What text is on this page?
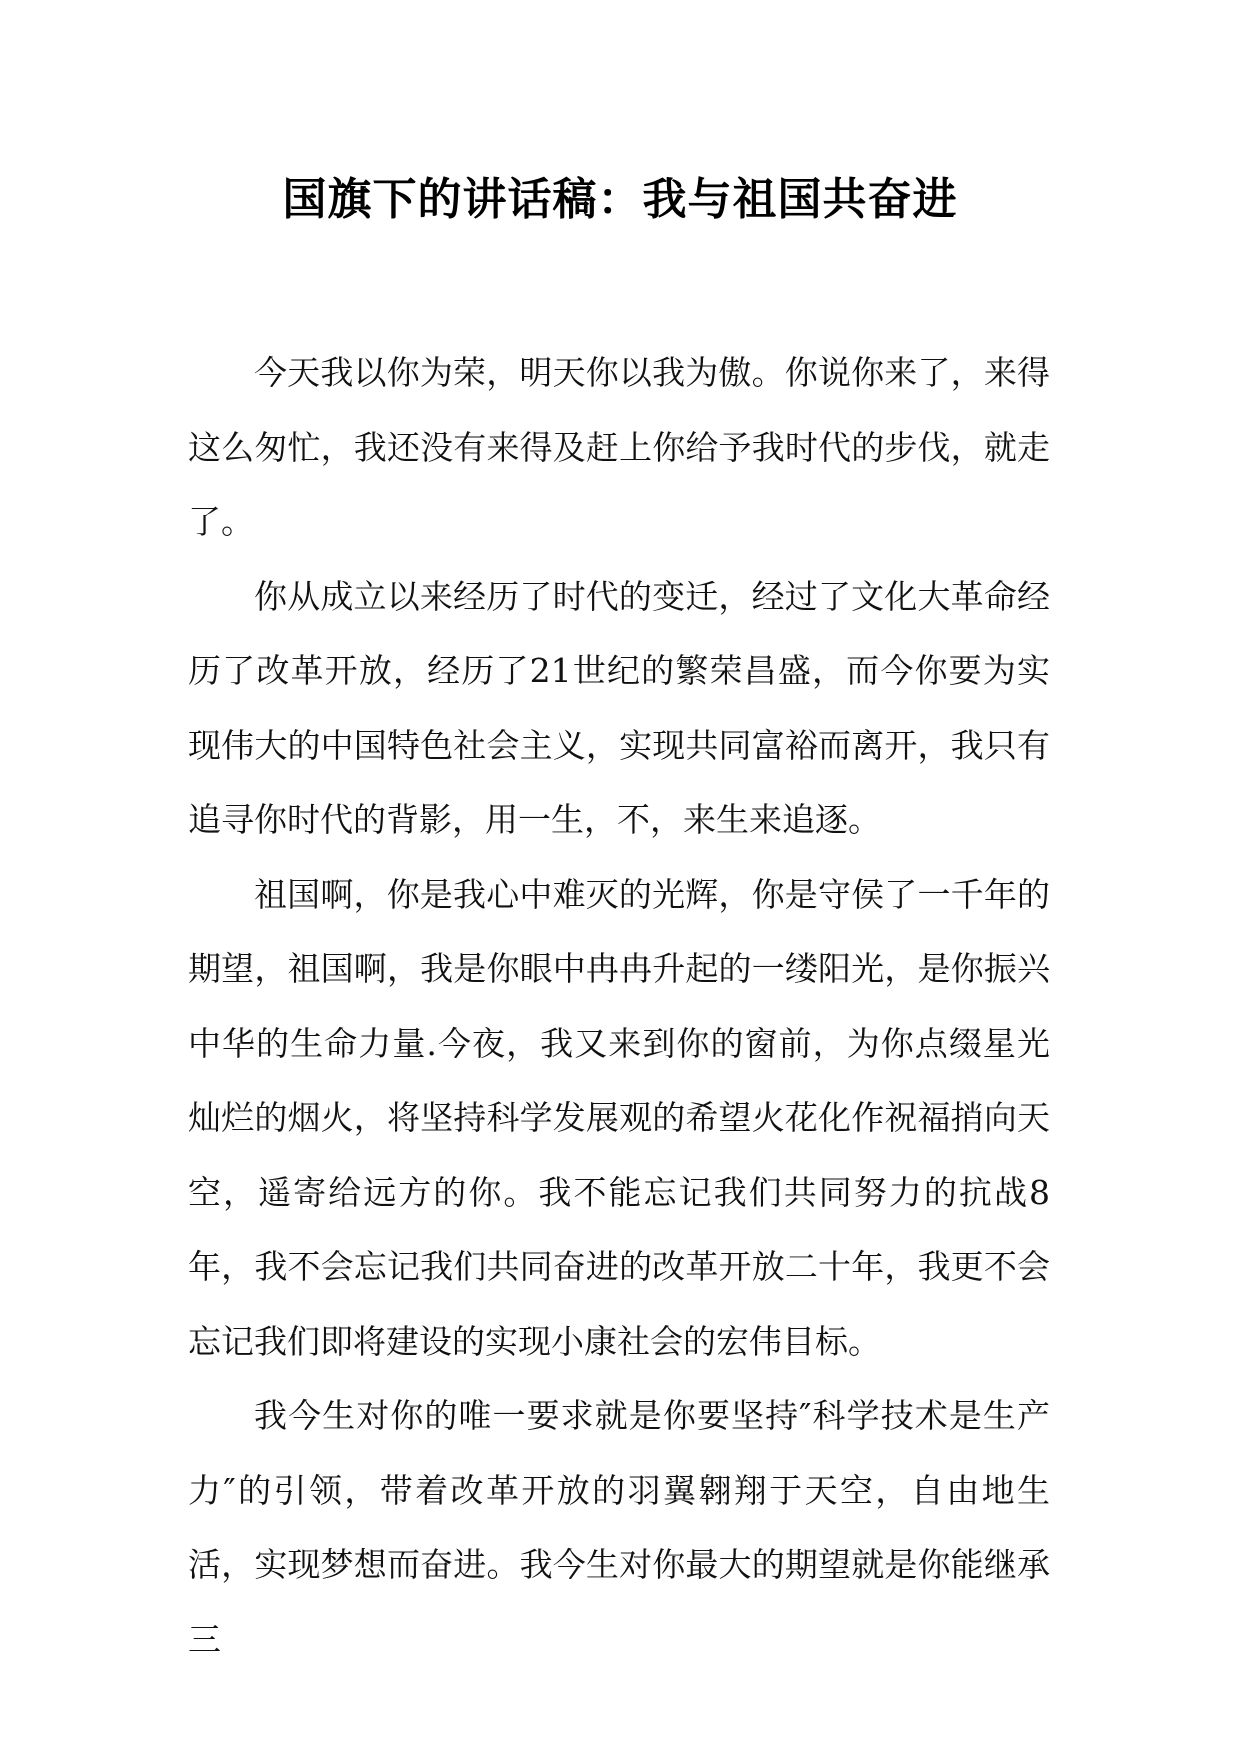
国旗下的讲话稿：我与祖国共奋进

今天我以你为荣，明天你以我为傲。你说你来了，来得这么匆忙，我还没有来得及赶上你给予我时代的步伐，就走了。

你从成立以来经历了时代的变迁，经过了文化大革命经历了改革开放，经历了21世纪的繁荣昌盛，而今你要为实现伟大的中国特色社会主义，实现共同富裕而离开，我只有追寻你时代的背影，用一生，不，来生来追逐。

祖国啊，你是我心中难灭的光辉，你是守侯了一千年的期望，祖国啊，我是你眼中冉冉升起的一缕阳光，是你振兴中华的生命力量.今夜，我又来到你的窗前，为你点缀星光灿烂的烟火，将坚持科学发展观的希望火花化作祝福捎向天空，遥寄给远方的你。我不能忘记我们共同努力的抗战8年，我不会忘记我们共同奋进的改革开放二十年，我更不会忘记我们即将建设的实现小康社会的宏伟目标。

我今生对你的唯一要求就是你要坚持″科学技术是生产力″的引领，带着改革开放的羽翼翱翔于天空，自由地生活，实现梦想而奋进。我今生对你最大的期望就是你能继承三
